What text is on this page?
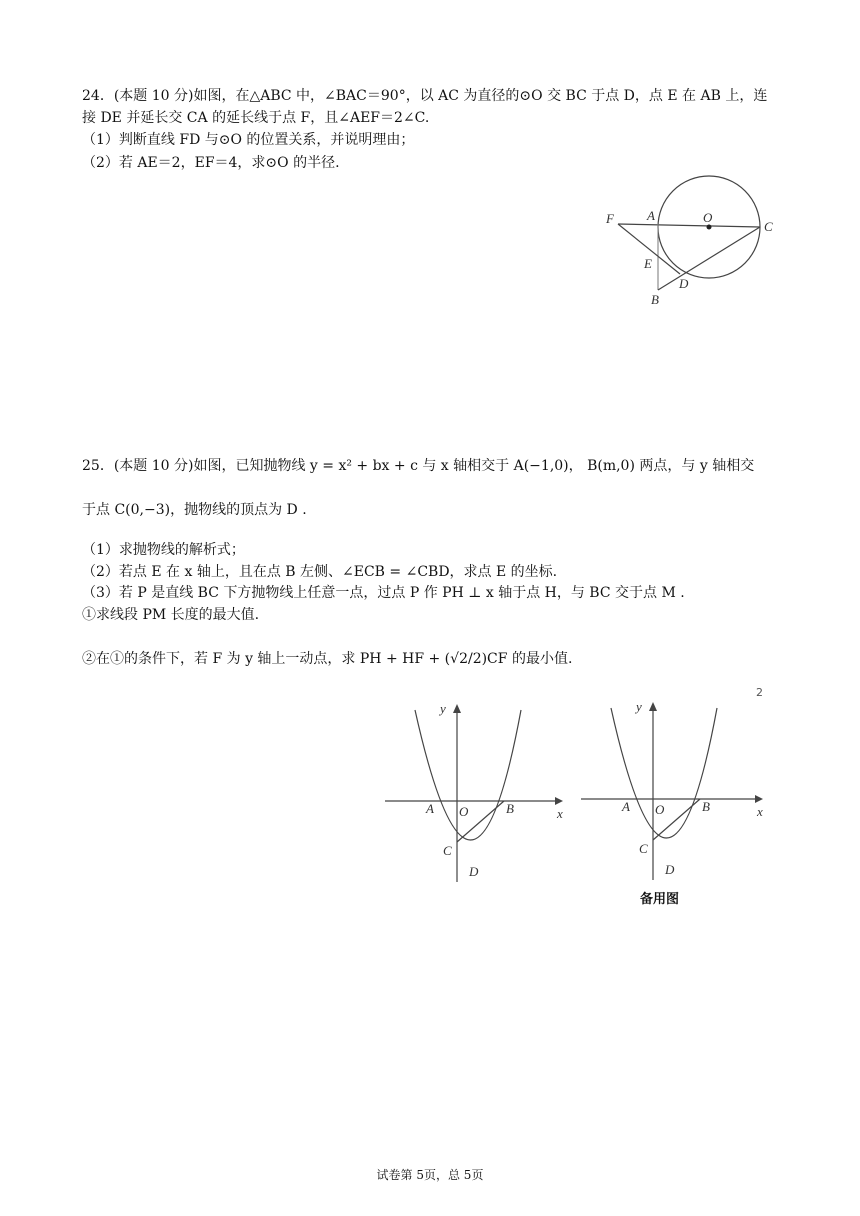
24．(本题 10 分)如图，在△ABC 中，∠BAC＝90°，以 AC 为直径的⊙O 交 BC 于点 D，点 E 在 AB 上，连
接 DE 并延长交 CA 的延长线于点 F，且∠AEF＝2∠C.
（1）判断直线 FD 与⊙O 的位置关系，并说明理由；
（2）若 AE＝2，EF＝4，求⊙O 的半径.
F	A	O
C
E
D
B
25．(本题 10 分)如图，已知抛物线 y = x² + bx + c 与 x 轴相交于 A(−1,0)， B(m,0) 两点，与 y 轴相交
于点 C(0,−3)，抛物线的顶点为 D .
（1）求抛物线的解析式；
（2）若点 E 在 x 轴上，且在点 B 左侧、∠ECB = ∠CBD，求点 E 的坐标.
（3）若 P 是直线 BC 下方抛物线上任意一点，过点 P 作 PH ⊥ x 轴于点 H，与 BC 交于点 M .
①求线段 PM 长度的最大值.
②在①的条件下，若 F 为 y 轴上一动点，求 PH + HF + (√2/2)CF 的最小值.
2
y
x
A O	B
C
D
y
x
A O	B
C
D
备用图
试卷第 5页，总 5页
